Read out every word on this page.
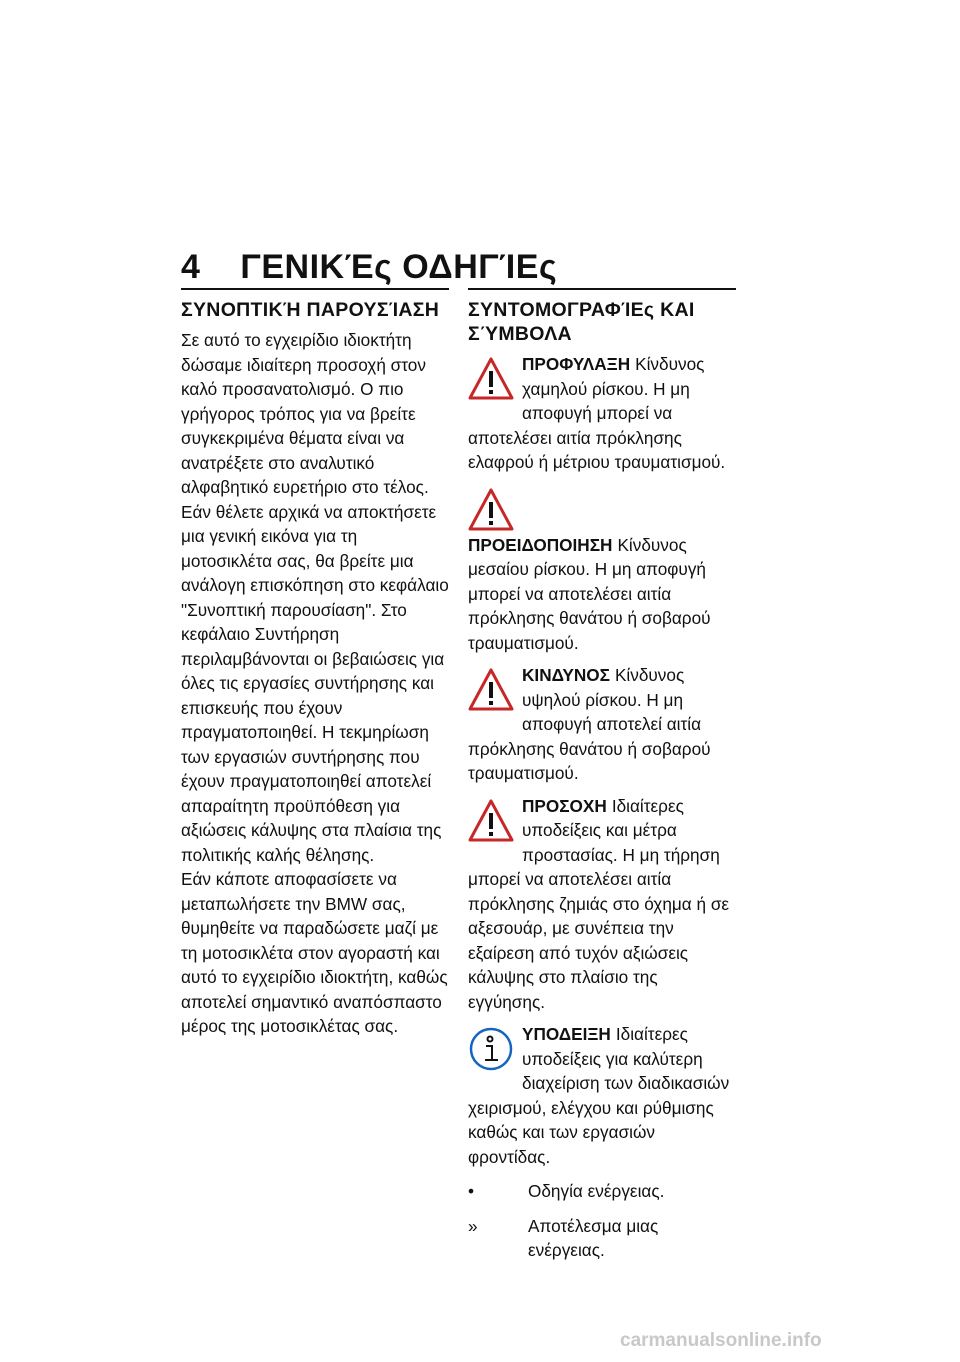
4 ΓΕΝΙΚΈς ΟΔΗΓΊΕς
ΣΥΝΟΠΤΙΚΉ ΠΑΡΟΥΣΊΑΣΗ

Σε αυτό το εγχειρίδιο ιδιοκτήτη δώσαμε ιδιαίτερη προσοχή στον καλό προσανατολισμό. Ο πιο γρήγορος τρόπος για να βρείτε συγκεκριμένα θέματα είναι να ανατρέξετε στο αναλυτικό αλφαβητικό ευρετήριο στο τέλος. Εάν θέλετε αρχικά να αποκτήσετε μια γενική εικόνα για τη μοτοσικλέτα σας, θα βρείτε μια ανάλογη επισκόπηση στο κεφάλαιο "Συνοπτική παρουσίαση". Στο κεφάλαιο Συντήρηση περιλαμβάνονται οι βεβαιώσεις για όλες τις εργασίες συντήρησης και επισκευής που έχουν πραγματοποιηθεί. Η τεκμηρίωση των εργασιών συντήρησης που έχουν πραγματοποιηθεί αποτελεί απαραίτητη προϋπόθεση για αξιώσεις κάλυψης στα πλαίσια της πολιτικής καλής θέλησης.

Εάν κάποτε αποφασίσετε να μεταπωλήσετε την BMW σας, θυμηθείτε να παραδώσετε μαζί με τη μοτοσικλέτα στον αγοραστή και αυτό το εγχειρίδιο ιδιοκτήτη, καθώς αποτελεί σημαντικό αναπόσπαστο μέρος της μοτοσικλέτας σας.

ΣΥΝΤΟΜΟΓΡΑΦΊΕς ΚΑΙ ΣΎΜΒΟΛΑ
ΠΡΟΦΥΛΑΞΗ Κίνδυνος χαμηλού ρίσκου. Η μη αποφυγή μπορεί να αποτελέσει αιτία πρόκλησης ελαφρού ή μέτριου τραυματισμού.
ΠΡΟΕΙΔΟΠΟΙΗΣΗ Κίνδυνος μεσαίου ρίσκου. Η μη αποφυγή μπορεί να αποτελέσει αιτία πρόκλησης θανάτου ή σοβαρού τραυματισμού.
ΚΙΝΔΥΝΟΣ Κίνδυνος υψηλού ρίσκου. Η μη αποφυγή αποτελεί αιτία πρόκλησης θανάτου ή σοβαρού τραυματισμού.
ΠΡΟΣΟΧΗ Ιδιαίτερες υποδείξεις και μέτρα προστασίας. Η μη τήρηση μπορεί να αποτελέσει αιτία πρόκλησης ζημιάς στο όχημα ή σε αξεσουάρ, με συνέπεια την εξαίρεση από τυχόν αξιώσεις κάλυψης στο πλαίσιο της εγγύησης.
ΥΠΟΔΕΙΞΗ Ιδιαίτερες υποδείξεις για καλύτερη διαχείριση των διαδικασιών χειρισμού, ελέγχου και ρύθμισης καθώς και των εργασιών φροντίδας.
•	Οδηγία ενέργειας.
»	Αποτέλεσμα μιας ενέργειας.
carmanualsonline.info
